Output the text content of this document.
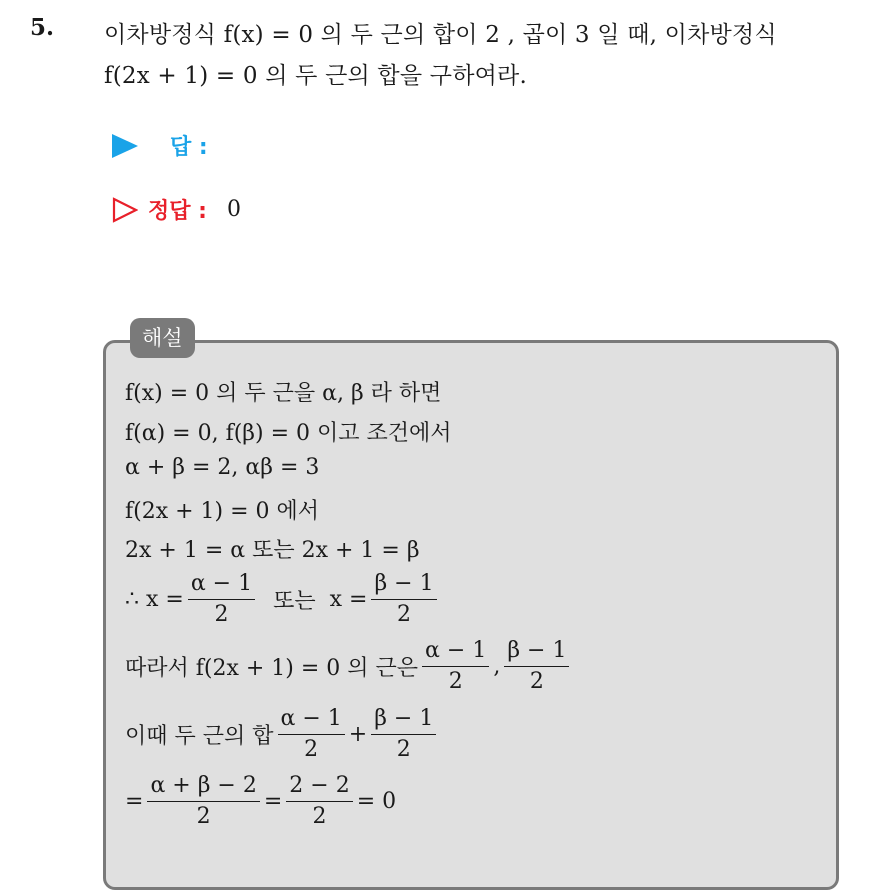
5. 이차방정식 f(x) = 0 의 두 근의 합이 2 , 곱이 3 일 때, 이차방정식
f(2x + 1) = 0 의 두 근의 합을 구하여라.
답 :
정답 : 0
해설
f(x) = 0 의 두 근을 α, β 라 하면
f(α) = 0, f(β) = 0 이고 조건에서
α + β = 2, αβ = 3
f(2x + 1) = 0 에서
2x + 1 = α 또는 2x + 1 = β
∴ $x = \frac{\alpha - 1}{2}$ 또는 $x = \frac{\beta - 1}{2}$
따라서 f(2x + 1) = 0 의 근은 $\frac{\alpha - 1}{2}$ , $\frac{\beta - 1}{2}$
이때 두 근의 합 $\frac{\alpha - 1}{2} + \frac{\beta - 1}{2}$
= $\frac{\alpha + \beta - 2}{2} = \frac{2 - 2}{2} = 0$
